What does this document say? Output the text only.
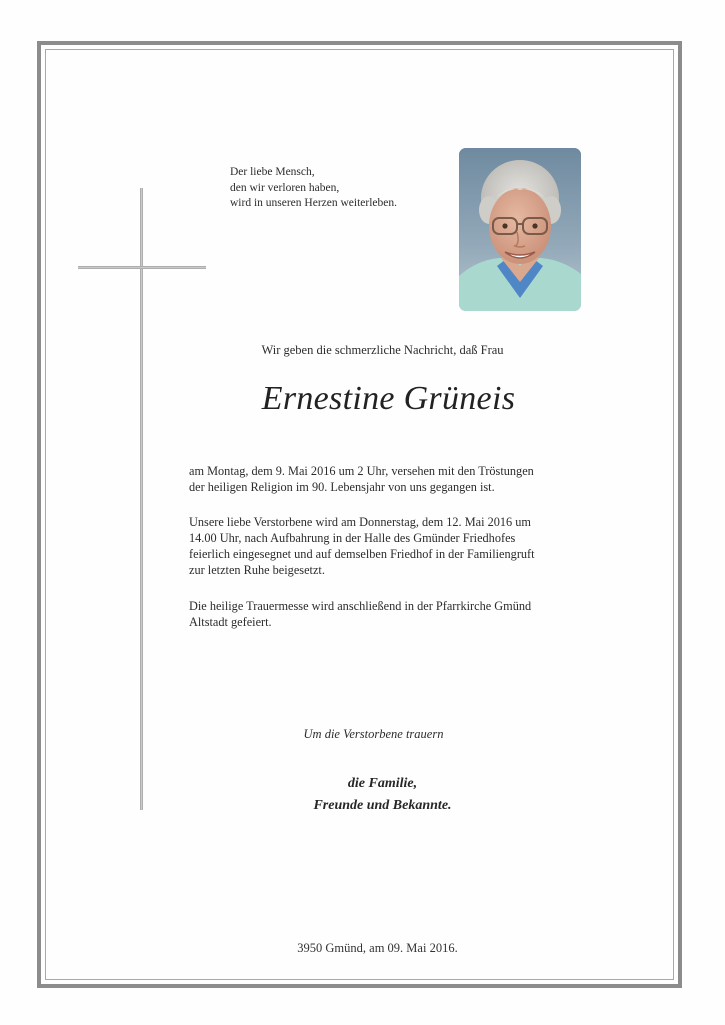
Der liebe Mensch,
den wir verloren haben,
wird in unseren Herzen weiterleben.
Wir geben die schmerzliche Nachricht, daß Frau
Ernestine Grüneis
am Montag, dem 9. Mai 2016 um 2 Uhr, versehen mit den Tröstungen
der heiligen Religion im 90. Lebensjahr von uns gegangen ist.
Unsere liebe Verstorbene wird am Donnerstag, dem 12. Mai 2016 um
14.00 Uhr, nach Aufbahrung in der Halle des Gmünder Friedhofes
feierlich eingesegnet und auf demselben Friedhof in der Familiengruft
zur letzten Ruhe beigesetzt.
Die heilige Trauermesse wird anschließend in der Pfarrkirche Gmünd
Altstadt gefeiert.
Um die Verstorbene trauern
die Familie,
Freunde und Bekannte.
3950 Gmünd, am 09. Mai 2016.
